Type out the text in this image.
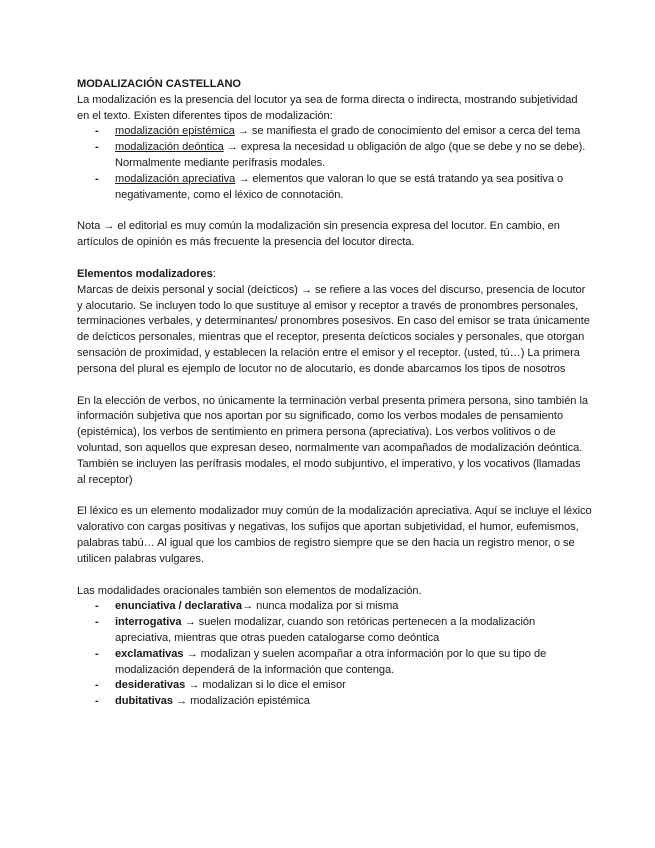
MODALIZACIÓN CASTELLANO

La modalización es la presencia del locutor ya sea de forma directa o indirecta, mostrando subjetividad en el texto. Existen diferentes tipos de modalización:

- modalización epistémica → se manifiesta el grado de conocimiento del emisor a cerca del tema
- modalización deóntica → expresa la necesidad u obligación de algo (que se debe y no se debe). Normalmente mediante perífrasis modales.
- modalización apreciativa → elementos que valoran lo que se está tratando ya sea positiva o negativamente, como el léxico de connotación.

Nota → el editorial es muy común la modalización sin presencia expresa del locutor. En cambio, en artículos de opinión es más frecuente la presencia del locutor directa.

Elementos modalizadores:

Marcas de deixis personal y social (deícticos) → se refiere a las voces del discurso, presencia de locutor y alocutario. Se incluyen todo lo que sustituye al emisor y receptor a través de pronombres personales, terminaciones verbales, y determinantes/ pronombres posesivos. En caso del emisor se trata únicamente de deícticos personales, mientras que el receptor, presenta deícticos sociales y personales, que otorgan sensación de proximidad, y establecen la relación entre el emisor y el receptor. (usted, tú…) La primera persona del plural es ejemplo de locutor no de alocutario, es donde abarcamos los tipos de nosotros

En la elección de verbos, no únicamente la terminación verbal presenta primera persona, sino también la información subjetiva que nos aportan por su significado, como los verbos modales de pensamiento (epistémica), los verbos de sentimiento en primera persona (apreciativa). Los verbos volitivos o de voluntad, son aquellos que expresan deseo, normalmente van acompañados de modalización deóntica. También se incluyen las perífrasis modales, el modo subjuntivo, el imperativo, y los vocativos (llamadas al receptor)

El léxico es un elemento modalizador muy común de la modalización apreciativa. Aquí se incluye el léxico valorativo con cargas positivas y negativas, los sufijos que aportan subjetividad, el humor, eufemismos, palabras tabú… Al igual que los cambios de registro siempre que se den hacia un registro menor, o se utilicen palabras vulgares.

Las modalidades oracionales también son elementos de modalización.

- enunciativa / declarativa→ nunca modaliza por si misma
- interrogativa → suelen modalizar, cuando son retóricas pertenecen a la modalización apreciativa, mientras que otras pueden catalogarse como deóntica
- exclamativas → modalizan y suelen acompañar a otra información por lo que su tipo de modalización dependerá de la información que contenga.
- desiderativas → modalizan si lo dice el emisor
- dubitativas → modalización epistémica
